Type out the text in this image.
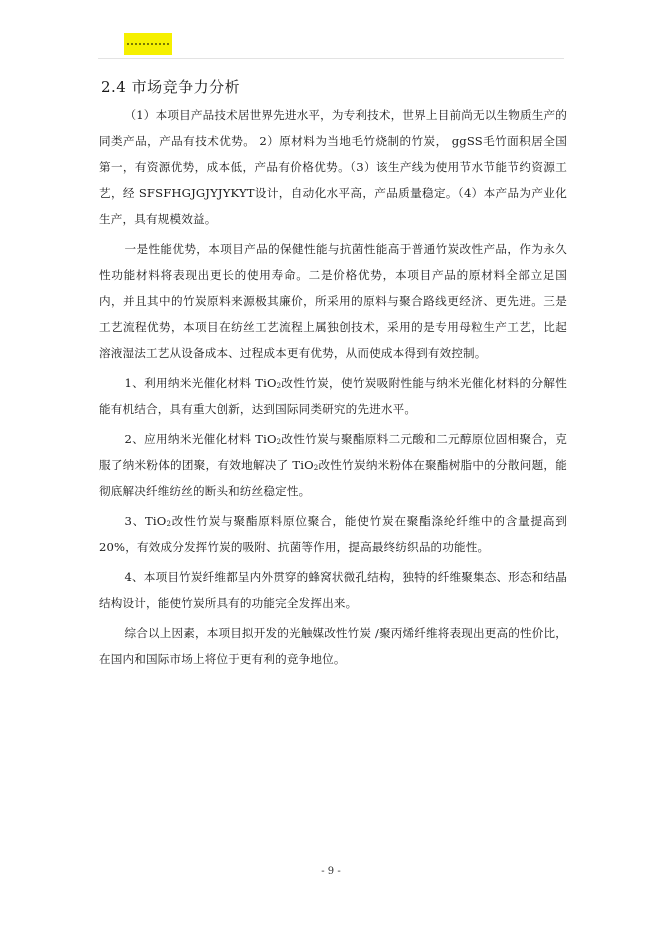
2.4 市场竞争力分析

（1）本项目产品技术居世界先进水平，为专利技术，世界上目前尚无以生物质生产的同类产品，产品有技术优势。 2）原材料为当地毛竹烧制的竹炭， ggSS毛竹面积居全国第一，有资源优势，成本低，产品有价格优势。（3）该生产线为使用节水节能节约资源工艺，经 SFSFHGJGJYJYKYT设计，自动化水平高，产品质量稳定。（4）本产品为产业化生产，具有规模效益。

一是性能优势，本项目产品的保健性能与抗菌性能高于普通竹炭改性产品，作为永久性功能材料将表现出更长的使用寿命。二是价格优势，本项目产品的原材料全部立足国内，并且其中的竹炭原料来源极其廉价，所采用的原料与聚合路线更经济、更先进。三是工艺流程优势，本项目在纺丝工艺流程上属独创技术，采用的是专用母粒生产工艺，比起溶液湿法工艺从设备成本、过程成本更有优势，从而使成本得到有效控制。

1、利用纳米光催化材料 TiO$_2$改性竹炭，使竹炭吸附性能与纳米光催化材料的分解性能有机结合，具有重大创新，达到国际同类研究的先进水平。

2、应用纳米光催化材料 TiO$_2$改性竹炭与聚酯原料二元酸和二元醇原位固相聚合，克服了纳米粉体的团聚，有效地解决了 TiO$_2$改性竹炭纳米粉体在聚酯树脂中的分散问题，能彻底解决纤维纺丝的断头和纺丝稳定性。

3、TiO$_2$改性竹炭与聚酯原料原位聚合，能使竹炭在聚酯涤纶纤维中的含量提高到 20%，有效成分发挥竹炭的吸附、抗菌等作用，提高最终纺织品的功能性。

4、本项目竹炭纤维都呈内外贯穿的蜂窝状微孔结构，独特的纤维聚集态、形态和结晶结构设计，能使竹炭所具有的功能完全发挥出来。

综合以上因素，本项目拟开发的光触媒改性竹炭 /聚丙烯纤维将表现出更高的性价比，在国内和国际市场上将位于更有利的竞争地位。

- 9 -
